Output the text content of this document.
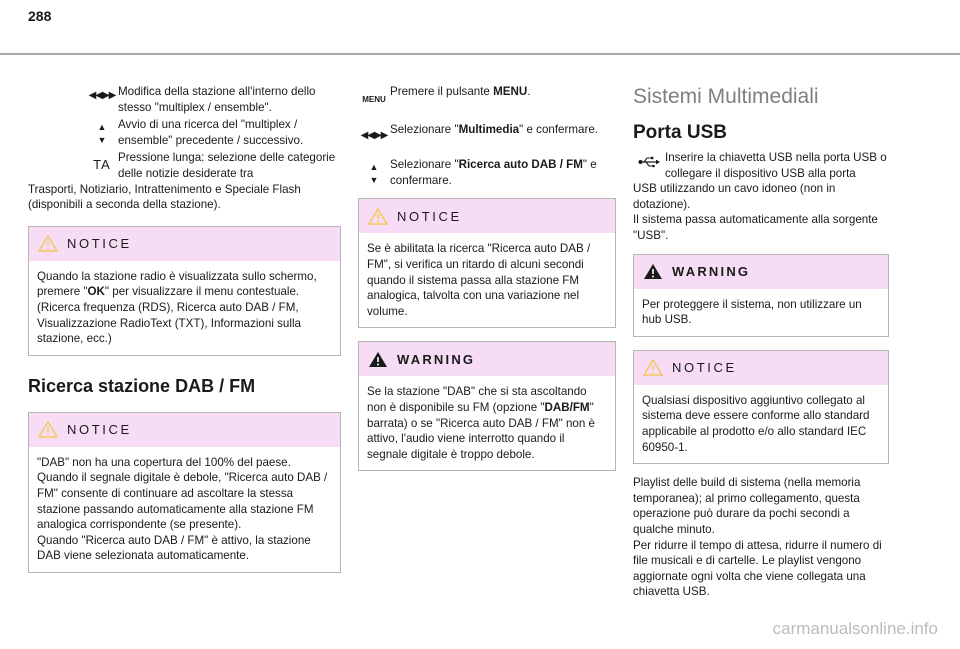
288
◀◀▶▶ Modifica della stazione all'interno dello stesso "multiplex / ensemble".
▲
▼
Avvio di una ricerca del "multiplex / ensemble" precedente / successivo.
TA Pressione lunga: selezione delle categorie delle notizie desiderate tra
Trasporti, Notiziario, Intrattenimento e Speciale Flash (disponibili a seconda della stazione).
NOTICE
Quando la stazione radio è visualizzata sullo schermo, premere "OK" per visualizzare il menu contestuale.
(Ricerca frequenza (RDS), Ricerca auto DAB / FM, Visualizzazione RadioText (TXT), Informazioni sulla stazione, ecc.)
Ricerca stazione DAB / FM
NOTICE
"DAB" non ha una copertura del 100% del paese.
Quando il segnale digitale è debole, "Ricerca auto DAB / FM" consente di continuare ad ascoltare la stessa stazione passando automaticamente alla stazione FM analogica corrispondente (se presente).
Quando "Ricerca auto DAB / FM" è attivo, la stazione DAB viene selezionata automaticamente.
MENU
Premere il pulsante MENU.
◀◀▶▶ Selezionare "Multimedia" e confermare.
▲
▼
Selezionare "Ricerca auto DAB / FM" e confermare.
NOTICE
Se è abilitata la ricerca "Ricerca auto DAB / FM", si verifica un ritardo di alcuni secondi quando il sistema passa alla stazione FM analogica, talvolta con una variazione nel volume.
WARNING
Se la stazione "DAB" che si sta ascoltando non è disponibile su FM (opzione "DAB/FM" barrata) o se "Ricerca auto DAB / FM" non è attivo, l'audio viene interrotto quando il segnale digitale è troppo debole.
Sistemi Multimediali
Porta USB
Inserire la chiavetta USB nella porta USB o collegare il dispositivo USB alla porta
USB utilizzando un cavo idoneo (non in dotazione).
Il sistema passa automaticamente alla sorgente "USB".
WARNING
Per proteggere il sistema, non utilizzare un hub USB.
NOTICE
Qualsiasi dispositivo aggiuntivo collegato al sistema deve essere conforme allo standard applicabile al prodotto e/o allo standard IEC 60950-1.
Playlist delle build di sistema (nella memoria temporanea); al primo collegamento, questa operazione può durare da pochi secondi a qualche minuto.
Per ridurre il tempo di attesa, ridurre il numero di file musicali e di cartelle. Le playlist vengono aggiornate ogni volta che viene collegata una chiavetta USB.
carmanualsonline.info
